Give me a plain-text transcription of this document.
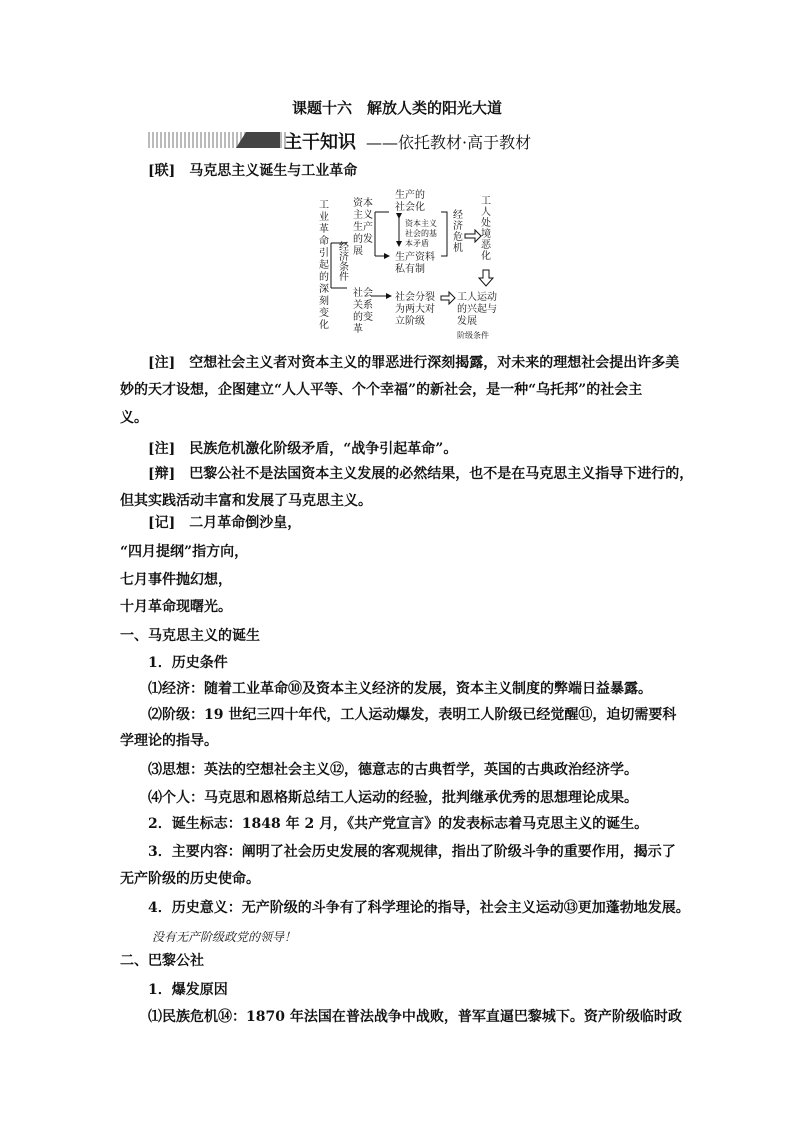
课题十六　解放人类的阳光大道
主干知识 ——依托教材·高于教材
[联]　马克思主义诞生与工业革命
工
业
革
命
引
起
的
深
刻
变
化
经
济
条
件
资本
主义
生产
的发
展
社会
关系
的变
革
生产的
社会化
资本主义
社会的基
本矛盾
生产资料
私有制
经
济
危
机
工
人
处
境
恶
化
社会分裂
为两大对
立阶级
工人运动
的兴起与
发展
阶级条件
[注]　空想社会主义者对资本主义的罪恶进行深刻揭露，对未来的理想社会提出许多美
妙的天才设想，企图建立“人人平等、个个幸福”的新社会，是一种“乌托邦”的社会主
义。
[注]　民族危机激化阶级矛盾，“战争引起革命”。
[辩]　巴黎公社不是法国资本主义发展的必然结果，也不是在马克思主义指导下进行的，
但其实践活动丰富和发展了马克思主义。
[记]　二月革命倒沙皇，
“四月提纲”指方向，
七月事件抛幻想，
十月革命现曙光。
一、马克思主义的诞生
1．历史条件
⑴经济：随着工业革命⑩及资本主义经济的发展，资本主义制度的弊端日益暴露。
⑵阶级：19 世纪三四十年代，工人运动爆发，表明工人阶级已经觉醒⑪，迫切需要科
学理论的指导。
⑶思想：英法的空想社会主义⑫，德意志的古典哲学，英国的古典政治经济学。
⑷个人：马克思和恩格斯总结工人运动的经验，批判继承优秀的思想理论成果。
2．诞生标志：1848 年 2 月，《共产党宣言》的发表标志着马克思主义的诞生。
3．主要内容：阐明了社会历史发展的客观规律，指出了阶级斗争的重要作用，揭示了
无产阶级的历史使命。
4．历史意义：无产阶级的斗争有了科学理论的指导，社会主义运动⑬更加蓬勃地发展。
没有无产阶级政党的领导！
二、巴黎公社
1．爆发原因
⑴民族危机⑭：1870 年法国在普法战争中战败，普军直逼巴黎城下。资产阶级临时政
